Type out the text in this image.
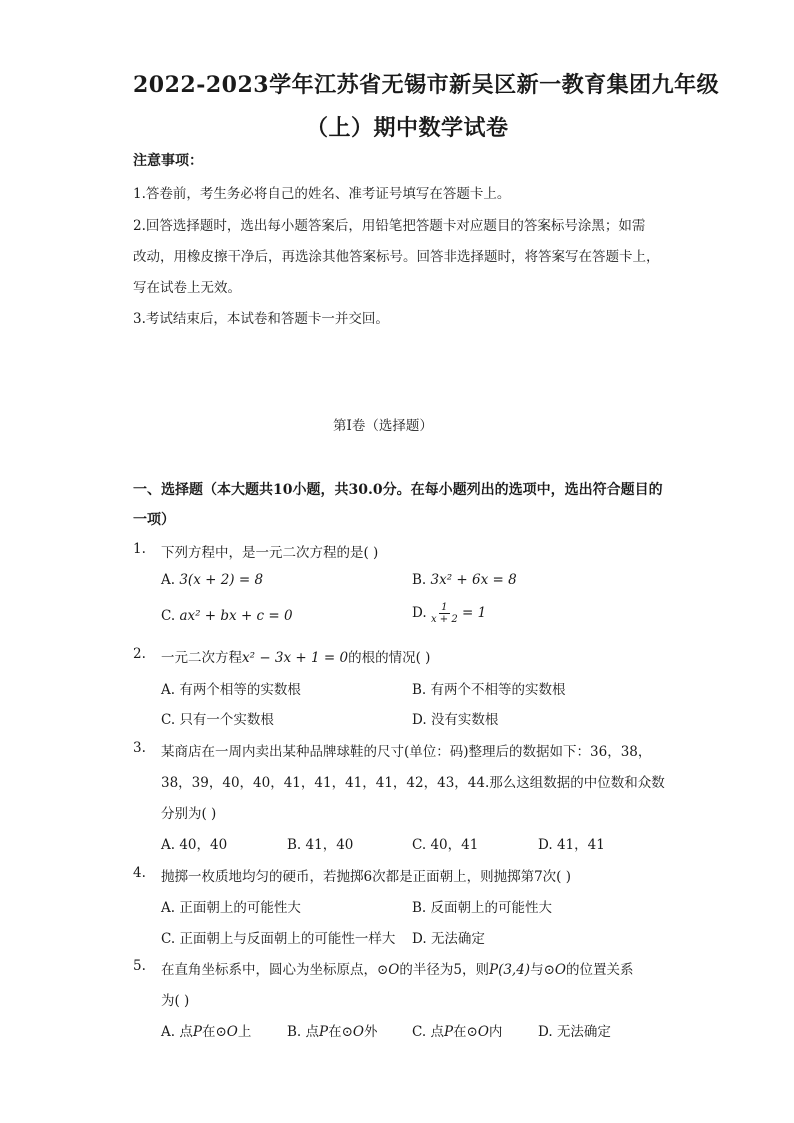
2022-2023学年江苏省无锡市新吴区新一教育集团九年级
（上）期中数学试卷
注意事项：
1.答卷前，考生务必将自己的姓名、准考证号填写在答题卡上。
2.回答选择题时，选出每小题答案后，用铅笔把答题卡对应题目的答案标号涂黑；如需
改动，用橡皮擦干净后，再选涂其他答案标号。回答非选择题时，将答案写在答题卡上，
写在试卷上无效。
3.考试结束后，本试卷和答题卡一并交回。
第I卷（选择题）
一、选择题（本大题共10小题，共30.0分。在每小题列出的选项中，选出符合题目的
一项）
1. 下列方程中，是一元二次方程的是( )
A. 3(x + 2) = 8	B. 3x² + 6x = 8
C. ax² + bx + c = 0	D. $\frac{1}{x + 2} = 1$
2. 一元二次方程x² − 3x + 1 = 0的根的情况( )
A. 有两个相等的实数根	B. 有两个不相等的实数根
C. 只有一个实数根	D. 没有实数根
3. 某商店在一周内卖出某种品牌球鞋的尺寸(单位：码)整理后的数据如下：36，38，
38，39，40，40，41，41，41，41，42，43，44.那么这组数据的中位数和众数
分别为( )
A. 40，40	B. 41，40	C. 40，41	D. 41，41
4. 抛掷一枚质地均匀的硬币，若抛掷6次都是正面朝上，则抛掷第7次( )
A. 正面朝上的可能性大	B. 反面朝上的可能性大
C. 正面朝上与反面朝上的可能性一样大 D. 无法确定
5. 在直角坐标系中，圆心为坐标原点，⊙O的半径为5，则P(3,4)与⊙O的位置关系
为( )
A. 点P在⊙O上	B. 点P在⊙O外	C. 点P在⊙O内	D. 无法确定
